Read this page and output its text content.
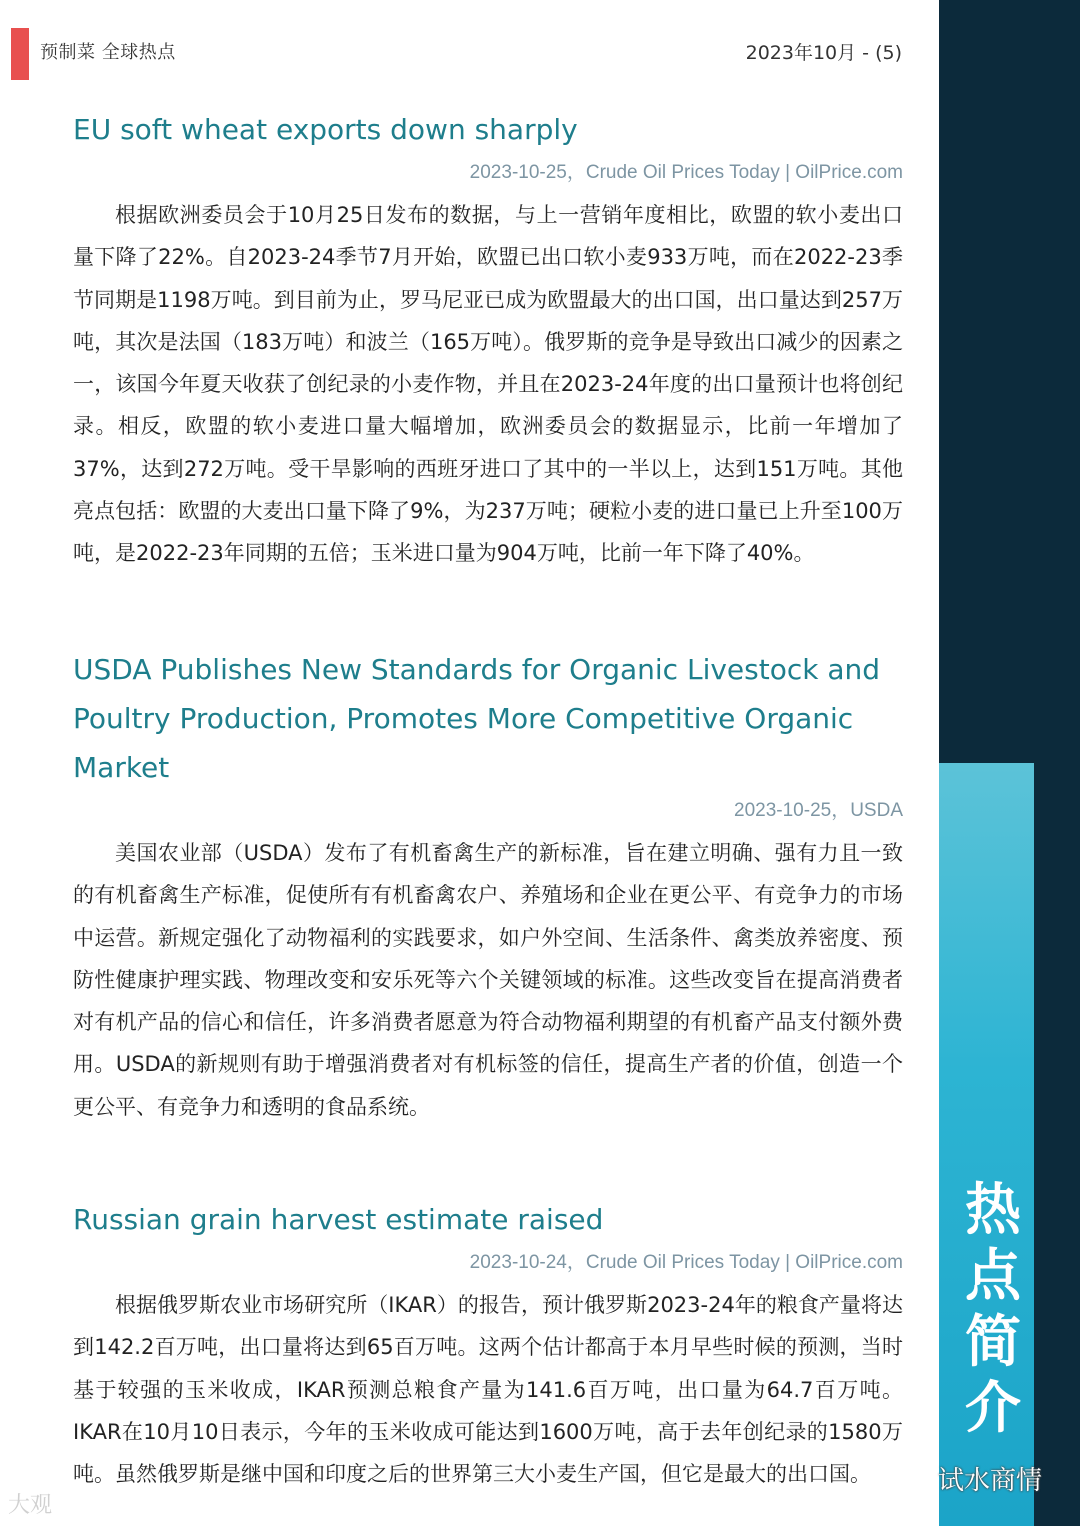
预制菜 全球热点	2023年10月 - (5)
热点简介
EU soft wheat exports down sharply
2023-10-25，Crude Oil Prices Today | OilPrice.com

根据欧洲委员会于10月25日发布的数据，与上一营销年度相比，欧盟的软小麦出口量下降了22%。自2023-24季节7月开始，欧盟已出口软小麦933万吨，而在2022-23季节同期是1198万吨。到目前为止，罗马尼亚已成为欧盟最大的出口国，出口量达到257万吨，其次是法国（183万吨）和波兰（165万吨）。俄罗斯的竞争是导致出口减少的因素之一，该国今年夏天收获了创纪录的小麦作物，并且在2023-24年度的出口量预计也将创纪录。相反，欧盟的软小麦进口量大幅增加，欧洲委员会的数据显示，比前一年增加了37%，达到272万吨。受干旱影响的西班牙进口了其中的一半以上，达到151万吨。其他亮点包括：欧盟的大麦出口量下降了9%，为237万吨；硬粒小麦的进口量已上升至100万吨，是2022-23年同期的五倍；玉米进口量为904万吨，比前一年下降了40%。

USDA Publishes New Standards for Organic Livestock and Poultry Production, Promotes More Competitive Organic Market
2023-10-25，USDA

美国农业部（USDA）发布了有机畜禽生产的新标准，旨在建立明确、强有力且一致的有机畜禽生产标准，促使所有有机畜禽农户、养殖场和企业在更公平、有竞争力的市场中运营。新规定强化了动物福利的实践要求，如户外空间、生活条件、禽类放养密度、预防性健康护理实践、物理改变和安乐死等六个关键领域的标准。这些改变旨在提高消费者对有机产品的信心和信任，许多消费者愿意为符合动物福利期望的有机畜产品支付额外费用。USDA的新规则有助于增强消费者对有机标签的信任，提高生产者的价值，创造一个更公平、有竞争力和透明的食品系统。

Russian grain harvest estimate raised
2023-10-24，Crude Oil Prices Today | OilPrice.com

根据俄罗斯农业市场研究所（IKAR）的报告，预计俄罗斯2023-24年的粮食产量将达到142.2百万吨，出口量将达到65百万吨。这两个估计都高于本月早些时候的预测，当时基于较强的玉米收成，IKAR预测总粮食产量为141.6百万吨，出口量为64.7百万吨。IKAR在10月10日表示，今年的玉米收成可能达到1600万吨，高于去年创纪录的1580万吨。虽然俄罗斯是继中国和印度之后的世界第三大小麦生产国，但它是最大的出口国。

大观
试水商情
